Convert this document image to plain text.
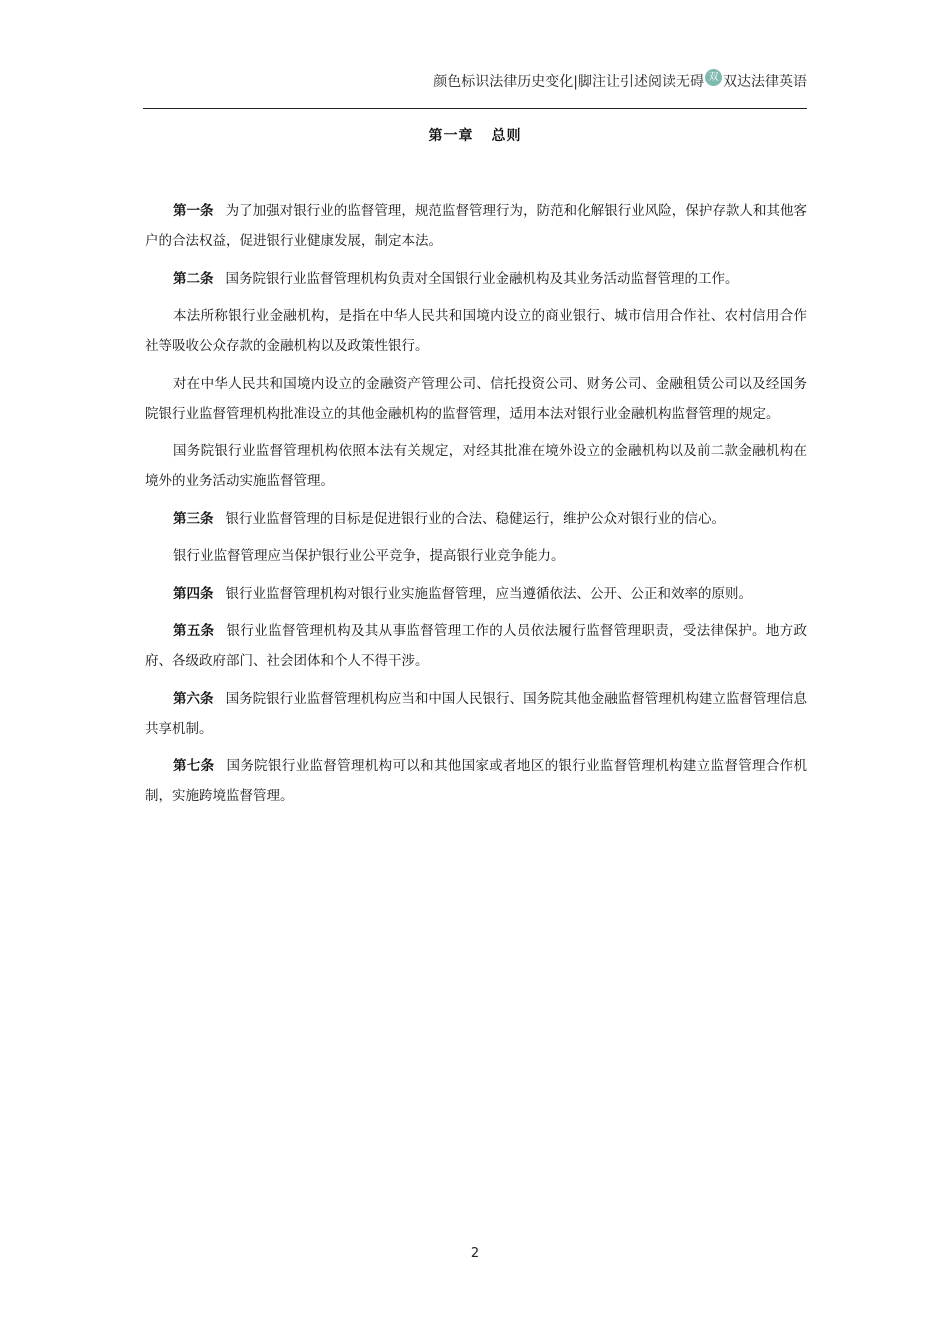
颜色标识法律历史变化 | 脚注让引述阅读无碍 双 双达法律英语
第一章 总则

第一条 为了加强对银行业的监督管理，规范监督管理行为，防范和化解银行业风险，保护存款人和其他客户的合法权益，促进银行业健康发展，制定本法。

第二条 国务院银行业监督管理机构负责对全国银行业金融机构及其业务活动监督管理的工作。

本法所称银行业金融机构，是指在中华人民共和国境内设立的商业银行、城市信用合作社、农村信用合作社等吸收公众存款的金融机构以及政策性银行。

对在中华人民共和国境内设立的金融资产管理公司、信托投资公司、财务公司、金融租赁公司以及经国务院银行业监督管理机构批准设立的其他金融机构的监督管理，适用本法对银行业金融机构监督管理的规定。

国务院银行业监督管理机构依照本法有关规定，对经其批准在境外设立的金融机构以及前二款金融机构在境外的业务活动实施监督管理。

第三条 银行业监督管理的目标是促进银行业的合法、稳健运行，维护公众对银行业的信心。

银行业监督管理应当保护银行业公平竞争，提高银行业竞争能力。

第四条 银行业监督管理机构对银行业实施监督管理，应当遵循依法、公开、公正和效率的原则。

第五条 银行业监督管理机构及其从事监督管理工作的人员依法履行监督管理职责，受法律保护。地方政府、各级政府部门、社会团体和个人不得干涉。

第六条 国务院银行业监督管理机构应当和中国人民银行、国务院其他金融监督管理机构建立监督管理信息共享机制。

第七条 国务院银行业监督管理机构可以和其他国家或者地区的银行业监督管理机构建立监督管理合作机制，实施跨境监督管理。

2
